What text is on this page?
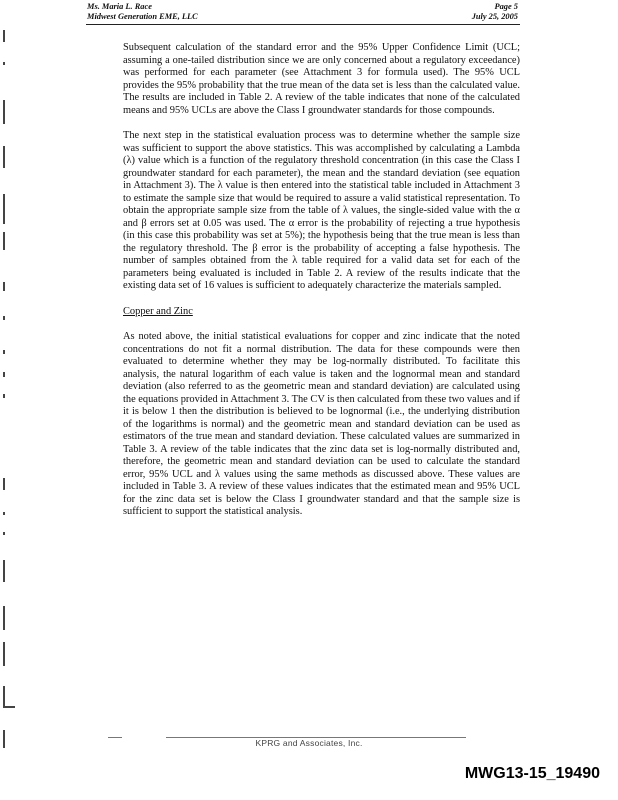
Ms. Maria L. Race
Midwest Generation EME, LLC
Page 5
July 25, 2005

Subsequent calculation of the standard error and the 95% Upper Confidence Limit (UCL; assuming a one-tailed distribution since we are only concerned about a regulatory exceedance) was performed for each parameter (see Attachment 3 for formula used). The 95% UCL provides the 95% probability that the true mean of the data set is less than the calculated value. The results are included in Table 2. A review of the table indicates that none of the calculated means and 95% UCLs are above the Class I groundwater standards for those compounds.

The next step in the statistical evaluation process was to determine whether the sample size was sufficient to support the above statistics. This was accomplished by calculating a Lambda (λ) value which is a function of the regulatory threshold concentration (in this case the Class I groundwater standard for each parameter), the mean and the standard deviation (see equation in Attachment 3). The λ value is then entered into the statistical table included in Attachment 3 to estimate the sample size that would be required to assure a valid statistical representation. To obtain the appropriate sample size from the table of λ values, the single-sided value with the α and β errors set at 0.05 was used. The α error is the probability of rejecting a true hypothesis (in this case this probability was set at 5%); the hypothesis being that the true mean is less than the regulatory threshold. The β error is the probability of accepting a false hypothesis. The number of samples obtained from the λ table required for a valid data set for each of the parameters being evaluated is included in Table 2. A review of the results indicate that the existing data set of 16 values is sufficient to adequately characterize the materials sampled.

Copper and Zinc

As noted above, the initial statistical evaluations for copper and zinc indicate that the noted concentrations do not fit a normal distribution. The data for these compounds were then evaluated to determine whether they may be log-normally distributed. To facilitate this analysis, the natural logarithm of each value is taken and the lognormal mean and standard deviation (also referred to as the geometric mean and standard deviation) are calculated using the equations provided in Attachment 3. The CV is then calculated from these two values and if it is below 1 then the distribution is believed to be lognormal (i.e., the underlying distribution of the logarithms is normal) and the geometric mean and standard deviation can be used as estimators of the true mean and standard deviation. These calculated values are summarized in Table 3. A review of the table indicates that the zinc data set is log-normally distributed and, therefore, the geometric mean and standard deviation can be used to calculate the standard error, 95% UCL and λ values using the same methods as discussed above. These values are included in Table 3. A review of these values indicates that the estimated mean and 95% UCL for the zinc data set is below the Class I groundwater standard and that the sample size is sufficient to support the statistical analysis.

KPRG and Associates, Inc.
MWG13-15_19490
